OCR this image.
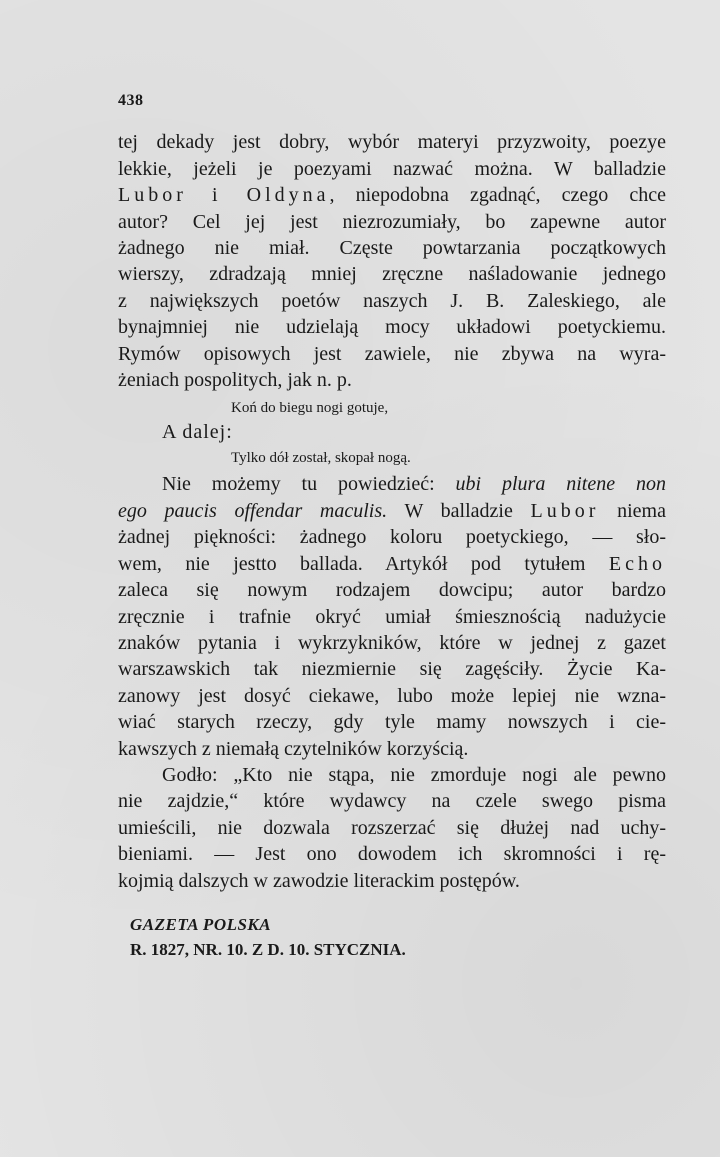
438
tej dekady jest dobry, wybór materyi przyzwoity, poezye
lekkie, jeżeli je poezyami nazwać można. W balladzie
Lubor i Oldyna, niepodobna zgadnąć, czego chce
autor? Cel jej jest niezrozumiały, bo zapewne autor
żadnego nie miał. Częste powtarzania początkowych
wierszy, zdradzają mniej zręczne naśladowanie jednego
z największych poetów naszych J. B. Zaleskiego, ale
bynajmniej nie udzielają mocy układowi poetyckiemu.
Rymów opisowych jest zawiele, nie zbywa na wyra-
żeniach pospolitych, jak n. p.
Koń do biegu nogi gotuje,
A dalej:
Tylko dół został, skopał nogą.
Nie możemy tu powiedzieć: ubi plura nitene non
ego paucis offendar maculis. W balladzie Lubor niema
żadnej piękności: żadnego koloru poetyckiego, — sło-
wem, nie jestto ballada. Artykół pod tytułem Echo
zaleca się nowym rodzajem dowcipu; autor bardzo
zręcznie i trafnie okryć umiał śmiesznością nadużycie
znaków pytania i wykrzykników, które w jednej z gazet
warszawskich tak niezmiernie się zagęściły. Życie Ka-
zanowy jest dosyć ciekawe, lubo może lepiej nie wzna-
wiać starych rzeczy, gdy tyle mamy nowszych i cie-
kawszych z niemałą czytelników korzyścią.
Godło: „Kto nie stąpa, nie zmorduje nogi ale pewno
nie zajdzie,“ które wydawcy na czele swego pisma
umieścili, nie dozwala rozszerzać się dłużej nad uchy-
bieniami. — Jest ono dowodem ich skromności i rę-
kojmią dalszych w zawodzie literackim postępów.
GAZETA POLSKA
R. 1827, NR. 10. Z D. 10. STYCZNIA.
